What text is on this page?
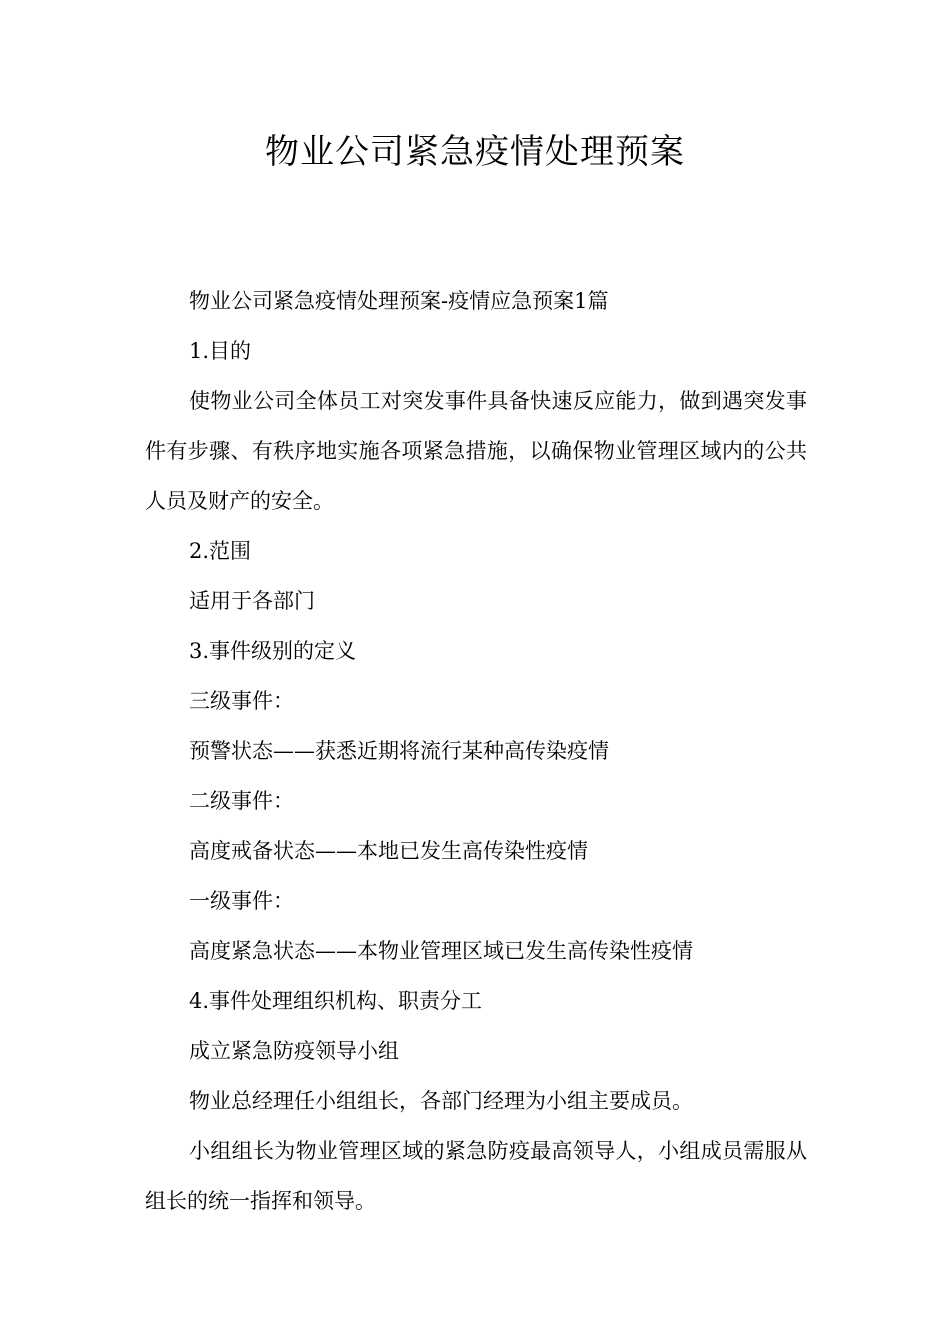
物业公司紧急疫情处理预案

物业公司紧急疫情处理预案-疫情应急预案1篇

1.目的

使物业公司全体员工对突发事件具备快速反应能力，做到遇突发事件有步骤、有秩序地实施各项紧急措施，以确保物业管理区域内的公共人员及财产的安全。

2.范围

适用于各部门

3.事件级别的定义

三级事件：

预警状态——获悉近期将流行某种高传染疫情

二级事件：

高度戒备状态——本地已发生高传染性疫情

一级事件：

高度紧急状态——本物业管理区域已发生高传染性疫情

4.事件处理组织机构、职责分工

成立紧急防疫领导小组

物业总经理任小组组长，各部门经理为小组主要成员。

小组组长为物业管理区域的紧急防疫最高领导人，小组成员需服从组长的统一指挥和领导。
